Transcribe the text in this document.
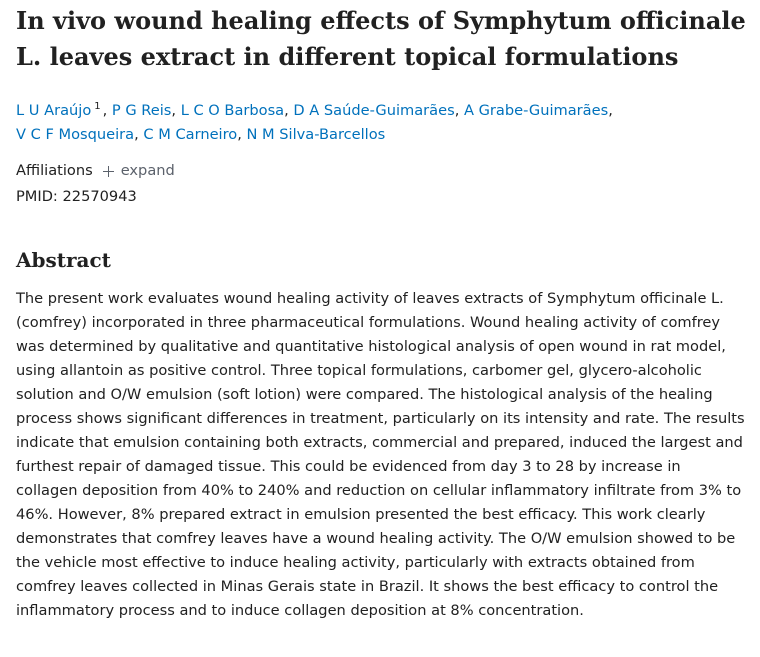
In vivo wound healing effects of Symphytum officinale L. leaves extract in different topical formulations
L U Araújo $^1$ , P G Reis, L C O Barbosa, D A Saúde-Guimarães, A Grabe-Guimarães,
V C F Mosqueira, C M Carneiro, N M Silva-Barcellos
Affiliations expand
PMID: 22570943
Abstract

The present work evaluates wound healing activity of leaves extracts of Symphytum officinale L. (comfrey) incorporated in three pharmaceutical formulations. Wound healing activity of comfrey was determined by qualitative and quantitative histological analysis of open wound in rat model, using allantoin as positive control. Three topical formulations, carbomer gel, glycero-alcoholic solution and O/W emulsion (soft lotion) were compared. The histological analysis of the healing process shows significant differences in treatment, particularly on its intensity and rate. The results indicate that emulsion containing both extracts, commercial and prepared, induced the largest and furthest repair of damaged tissue. This could be evidenced from day 3 to 28 by increase in collagen deposition from 40% to 240% and reduction on cellular inflammatory infiltrate from 3% to 46%. However, 8% prepared extract in emulsion presented the best efficacy. This work clearly demonstrates that comfrey leaves have a wound healing activity. The O/W emulsion showed to be the vehicle most effective to induce healing activity, particularly with extracts obtained from comfrey leaves collected in Minas Gerais state in Brazil. It shows the best efficacy to control the inflammatory process and to induce collagen deposition at 8% concentration.
